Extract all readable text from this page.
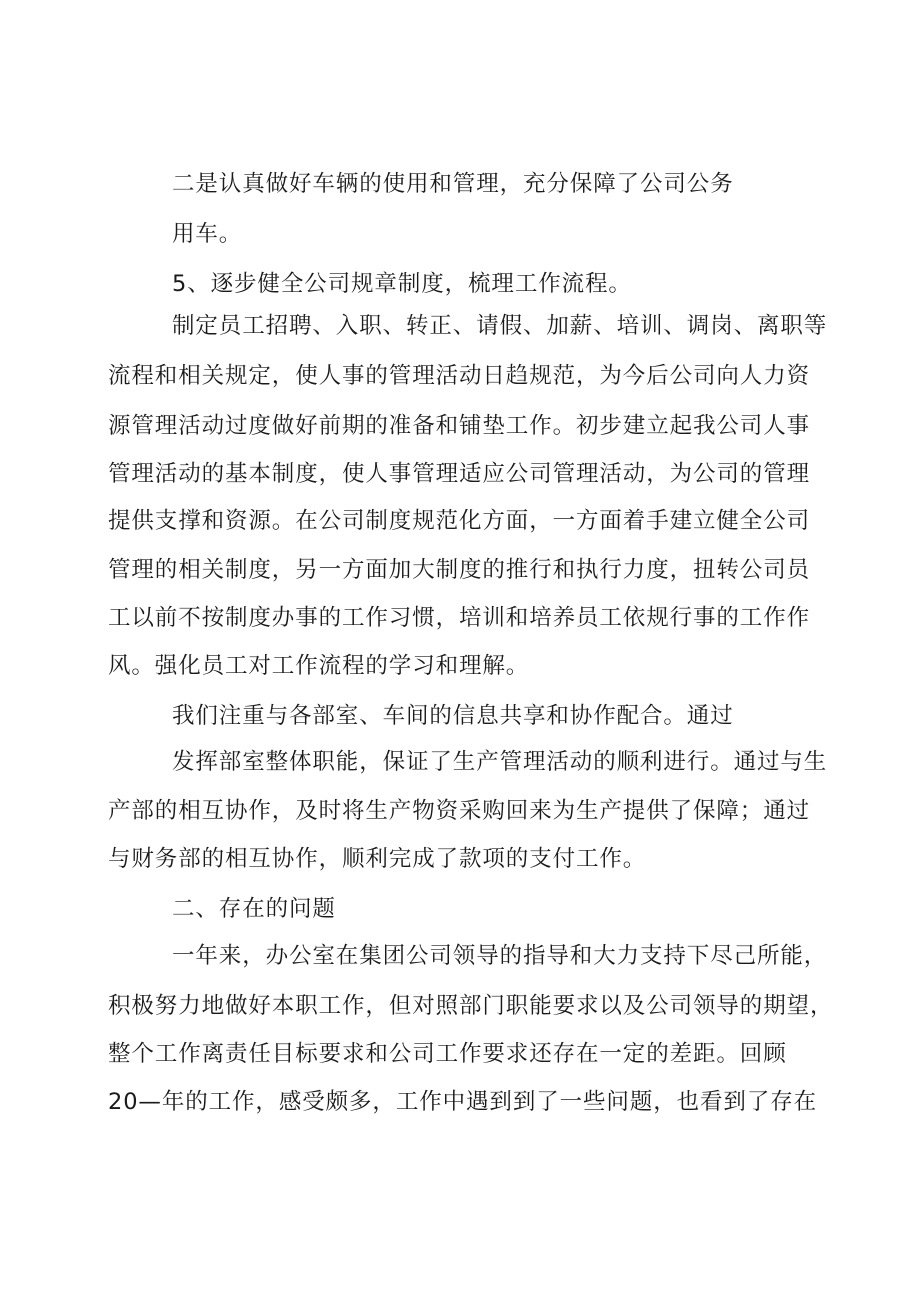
二是认真做好车辆的使用和管理，充分保障了公司公务

用车。

5、逐步健全公司规章制度，梳理工作流程。

制定员工招聘、入职、转正、请假、加薪、培训、调岗、离职等

流程和相关规定，使人事的管理活动日趋规范，为今后公司向人力资

源管理活动过度做好前期的准备和铺垫工作。初步建立起我公司人事

管理活动的基本制度，使人事管理适应公司管理活动，为公司的管理

提供支撑和资源。在公司制度规范化方面，一方面着手建立健全公司

管理的相关制度，另一方面加大制度的推行和执行力度，扭转公司员

工以前不按制度办事的工作习惯，培训和培养员工依规行事的工作作

风。强化员工对工作流程的学习和理解。

我们注重与各部室、车间的信息共享和协作配合。通过

发挥部室整体职能，保证了生产管理活动的顺利进行。通过与生

产部的相互协作，及时将生产物资采购回来为生产提供了保障；通过

与财务部的相互协作，顺利完成了款项的支付工作。

二、存在的问题

一年来，办公室在集团公司领导的指导和大力支持下尽己所能，

积极努力地做好本职工作，但对照部门职能要求以及公司领导的期望，

整个工作离责任目标要求和公司工作要求还存在一定的差距。回顾

20—年的工作，感受颇多，工作中遇到到了一些问题，也看到了存在
